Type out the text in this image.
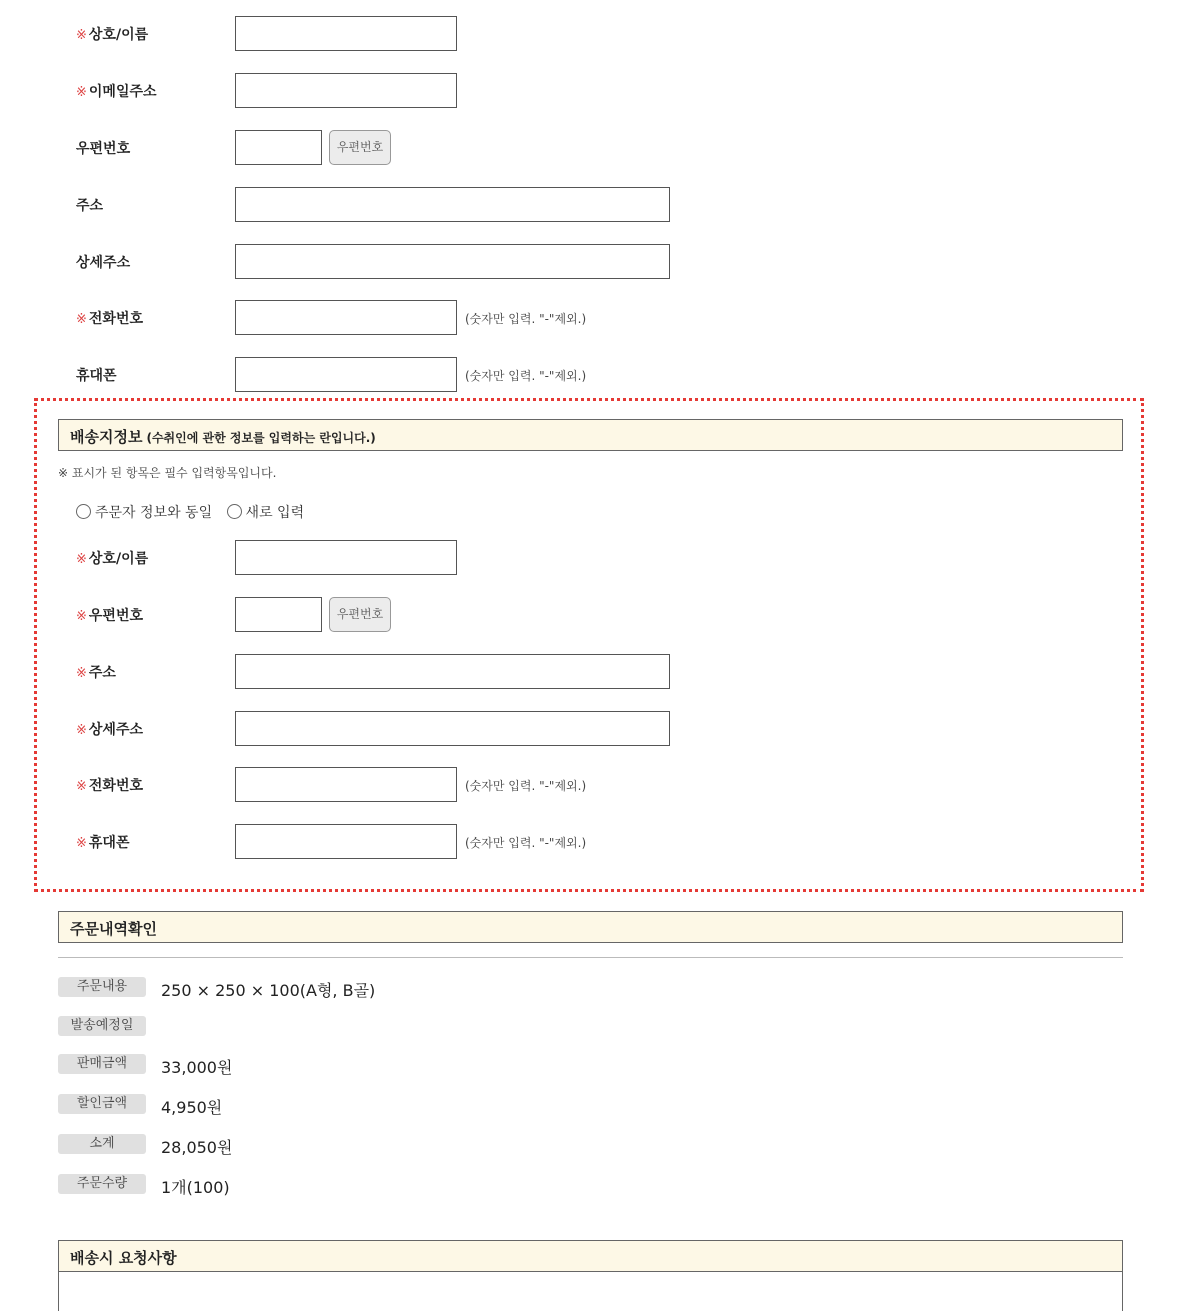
※ 상호/이름
※ 이메일주소
우편번호	우편번호
주소
상세주소
※ 전화번호	(숫자만 입력. "-"제외.)
휴대폰	(숫자만 입력. "-"제외.)
배송지정보 (수취인에 관한 정보를 입력하는 란입니다.)
※ 표시가 된 항목은 필수 입력항목입니다.
주문자 정보와 동일 새로 입력
※ 상호/이름
※ 우편번호	우편번호
※ 주소
※ 상세주소
※ 전화번호	(숫자만 입력. "-"제외.)
※ 휴대폰	(숫자만 입력. "-"제외.)
주문내역확인
주문내용	250 × 250 × 100(A형, B골)
발송예정일
판매금액	33,000원
할인금액	4,950원
소계	28,050원
주문수량	1개(100)
배송시 요청사항
